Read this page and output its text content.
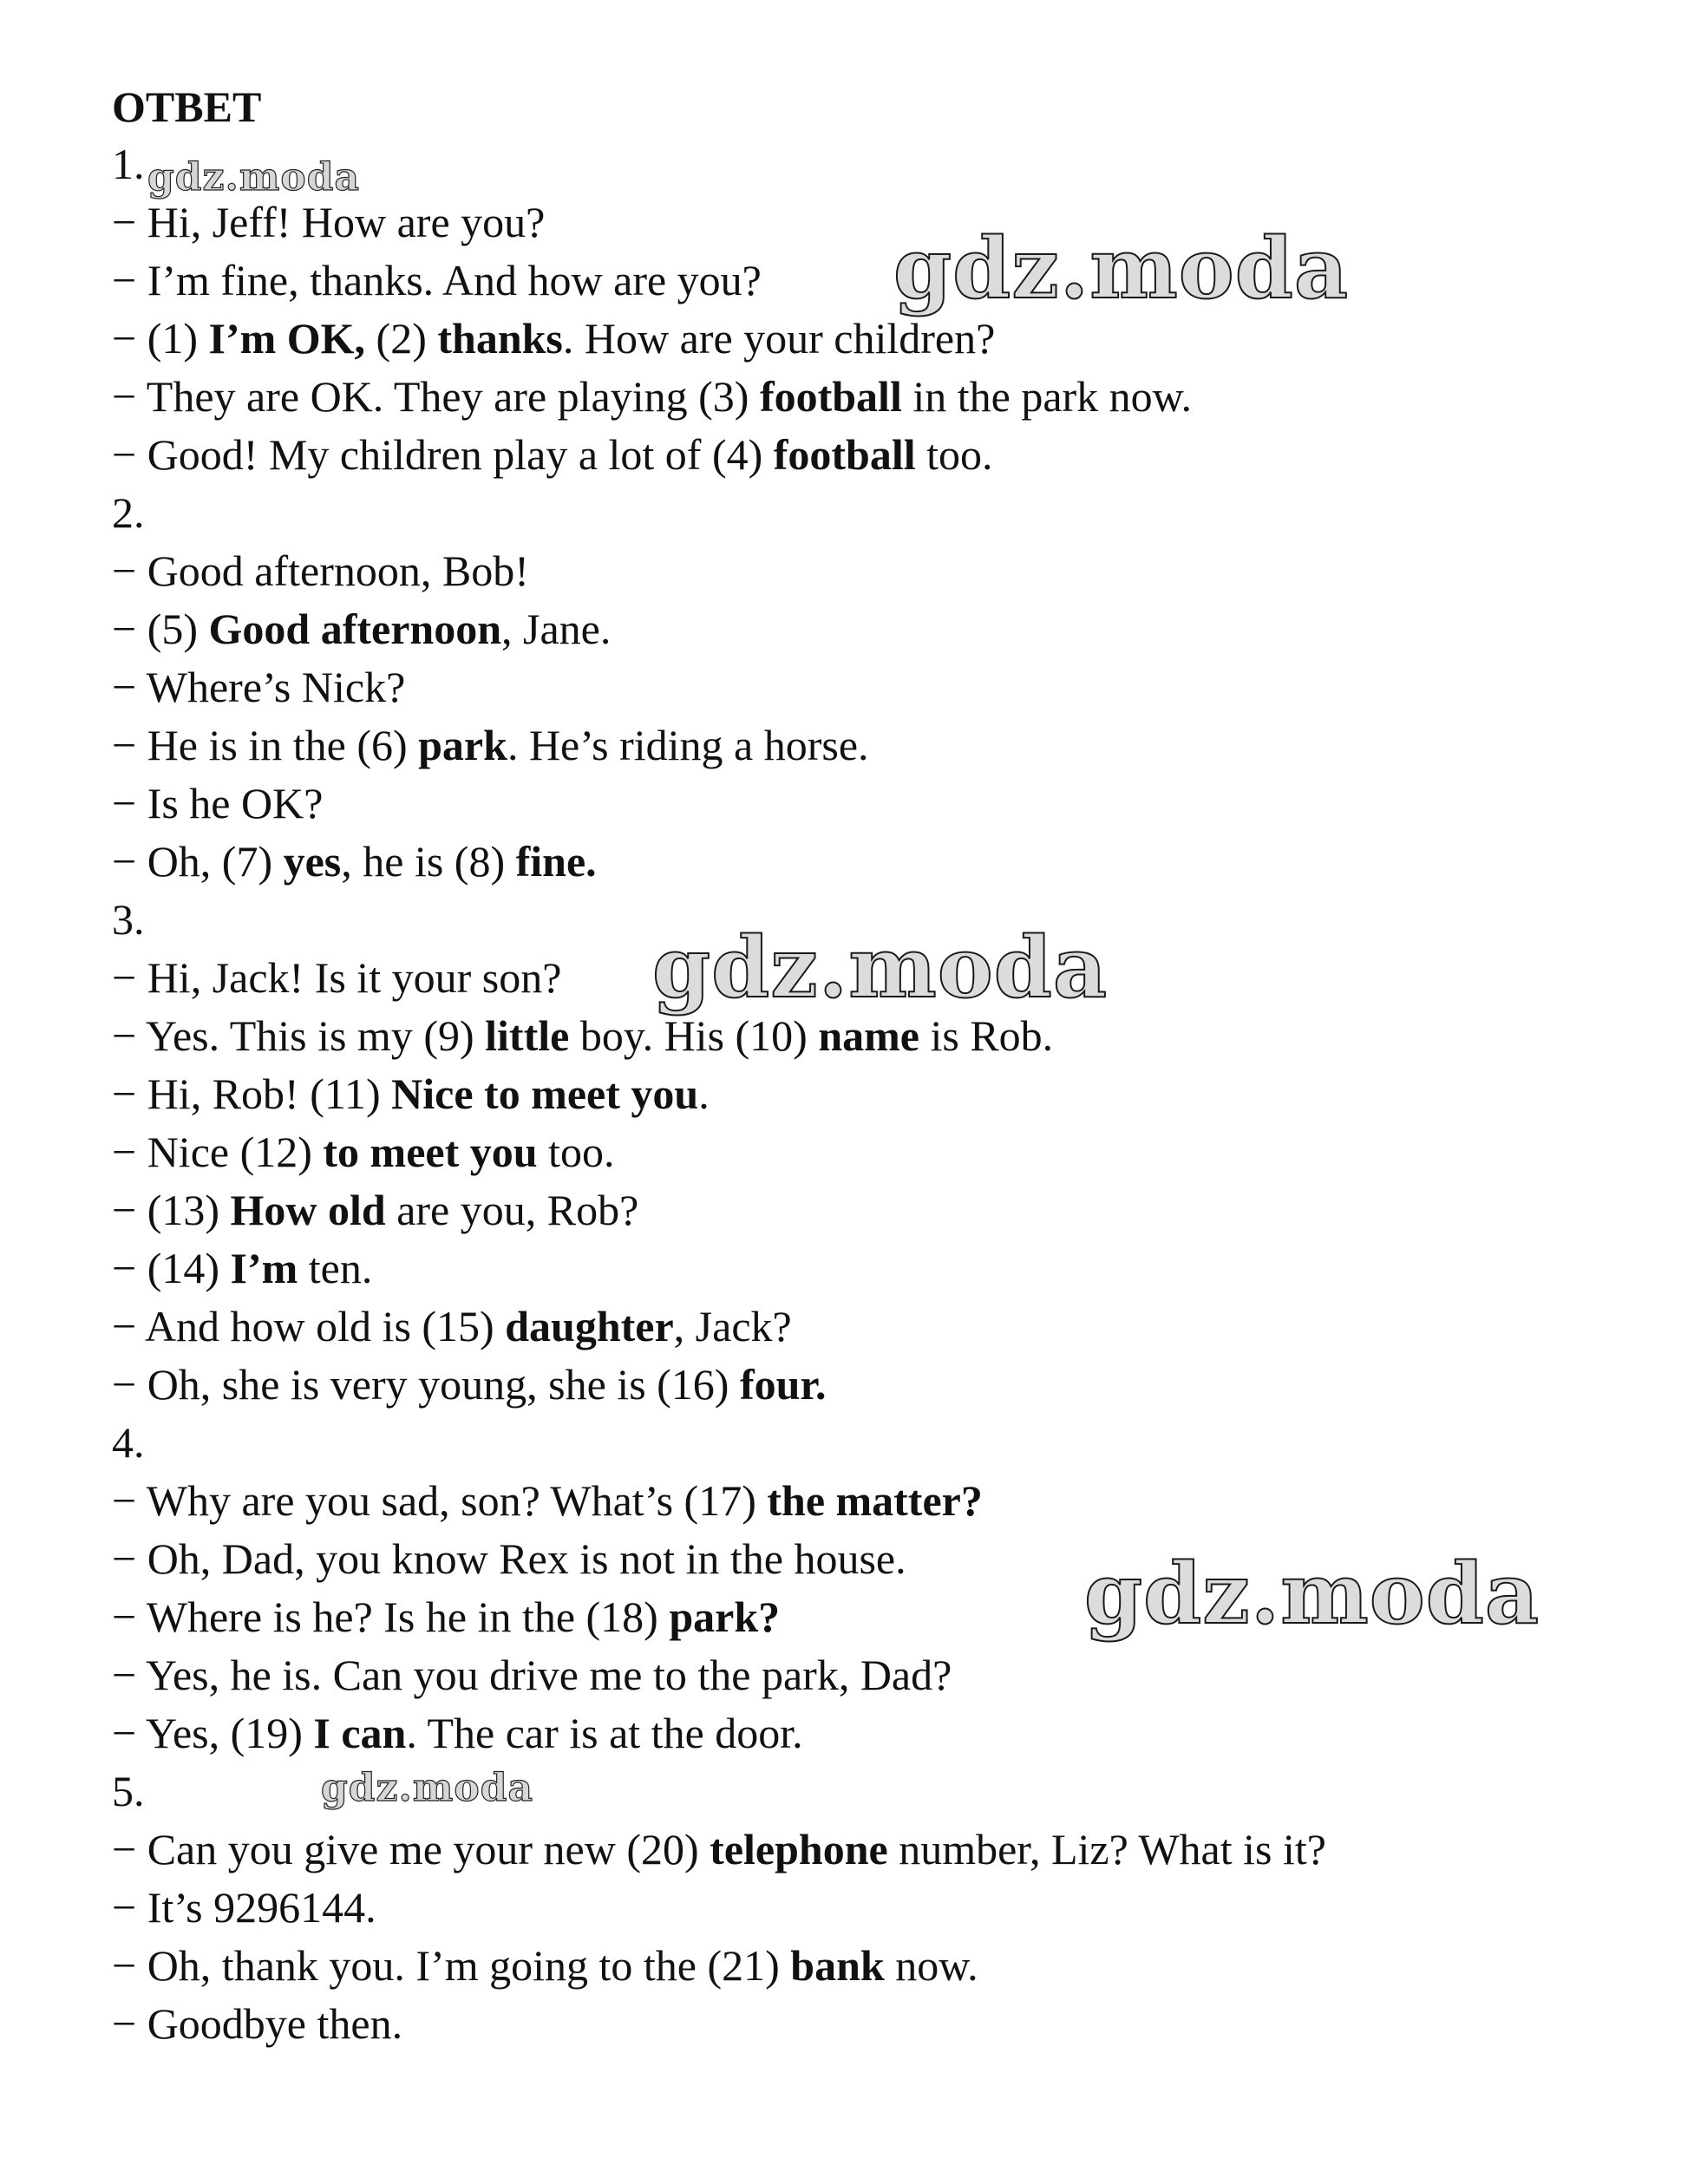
ОТВЕТ
1.
− Hi, Jeff! How are you?
− I’m fine, thanks. And how are you?
− (1) I’m OK, (2) thanks. How are your children?
− They are OK. They are playing (3) football in the park now.
− Good! My children play a lot of (4) football too.
2.
− Good afternoon, Bob!
− (5) Good afternoon, Jane.
− Where’s Nick?
− He is in the (6) park. He’s riding a horse.
− Is he OK?
− Oh, (7) yes, he is (8) fine.
3.
− Hi, Jack! Is it your son?
− Yes. This is my (9) little boy. His (10) name is Rob.
− Hi, Rob! (11) Nice to meet you.
− Nice (12) to meet you too.
− (13) How old are you, Rob?
− (14) I’m ten.
− And how old is (15) daughter, Jack?
− Oh, she is very young, she is (16) four.
4.
− Why are you sad, son? What’s (17) the matter?
− Oh, Dad, you know Rex is not in the house.
− Where is he? Is he in the (18) park?
− Yes, he is. Can you drive me to the park, Dad?
− Yes, (19) I can. The car is at the door.
5.
− Can you give me your new (20) telephone number, Liz? What is it?
− It’s 9296144.
− Oh, thank you. I’m going to the (21) bank now.
− Goodbye then.
gdz.moda
gdz.moda
gdz.moda
gdz.moda
gdz.moda
